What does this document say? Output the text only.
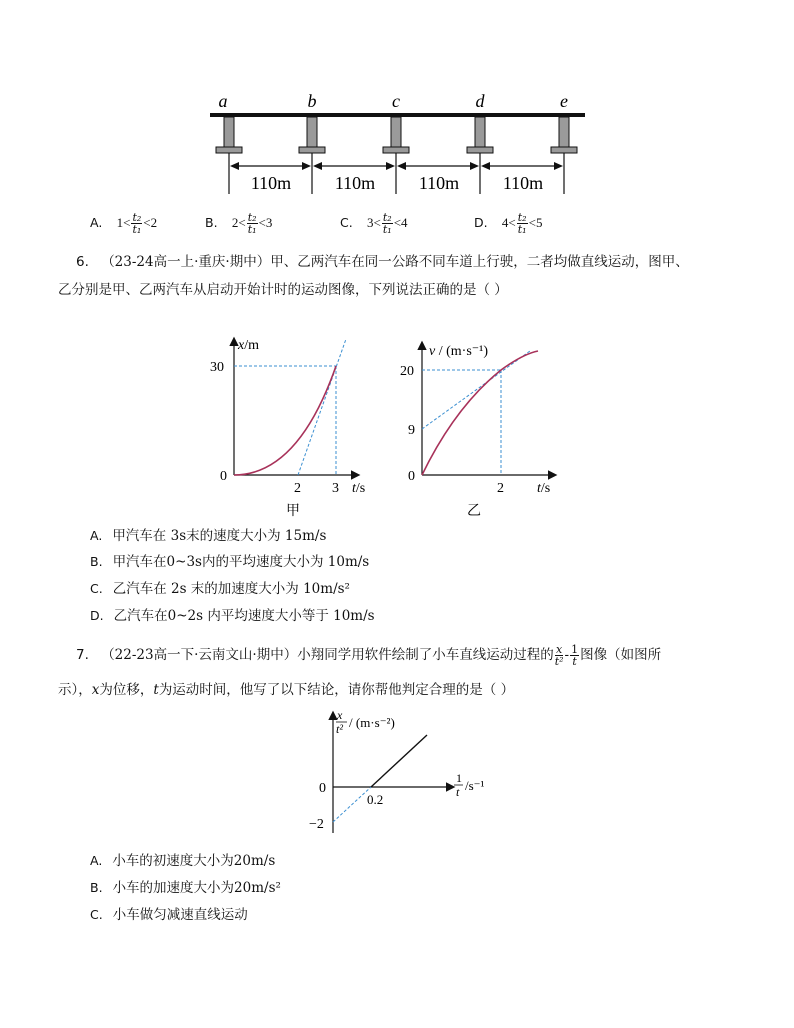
a	b	c	d	e
110m 110m 110m 110m
A. $1< \frac{\text{t₂}}{\text{t₁}} <2$	B. $2< \frac{\text{t₂}}{\text{t₁}} <3$	C. $3< \frac{\text{t₂}}{\text{t₁}} <4$	D. $4< \frac{\text{t₂}}{\text{t₁}} <5$
6. （23-24高一上·重庆·期中）甲、乙两汽车在同一公路不同车道上行驶，二者均做直线运动，图甲、
乙分别是甲、乙两汽车从启动开始计时的运动图像，下列说法正确的是（ ）
x/m
30
0
2 3 t/s
甲
v / (m·s⁻¹)
20
9
0
2 t/s
乙
A. 甲汽车在 3s末的速度大小为 15m/s
B. 甲汽车在0~3s内的平均速度大小为 10m/s
C. 乙汽车在 2s 末的加速度大小为 10m/s²
D. 乙汽车在0~2s 内平均速度大小等于 10m/s
7. （22-23高一下·云南文山·期中）小翔同学用软件绘制了小车直线运动过程的 $\frac{x}{\text{t²}} - \frac{1}{t}$ 图像（如图所
示），x为位移，t为运动时间，他写了以下结论，请你帮他判定合理的是（ ）
x
t² / (m·s⁻²)
0
0.2
−2
1
t /s⁻¹
A. 小车的初速度大小为20m/s
B. 小车的加速度大小为20m/s²
C. 小车做匀减速直线运动
